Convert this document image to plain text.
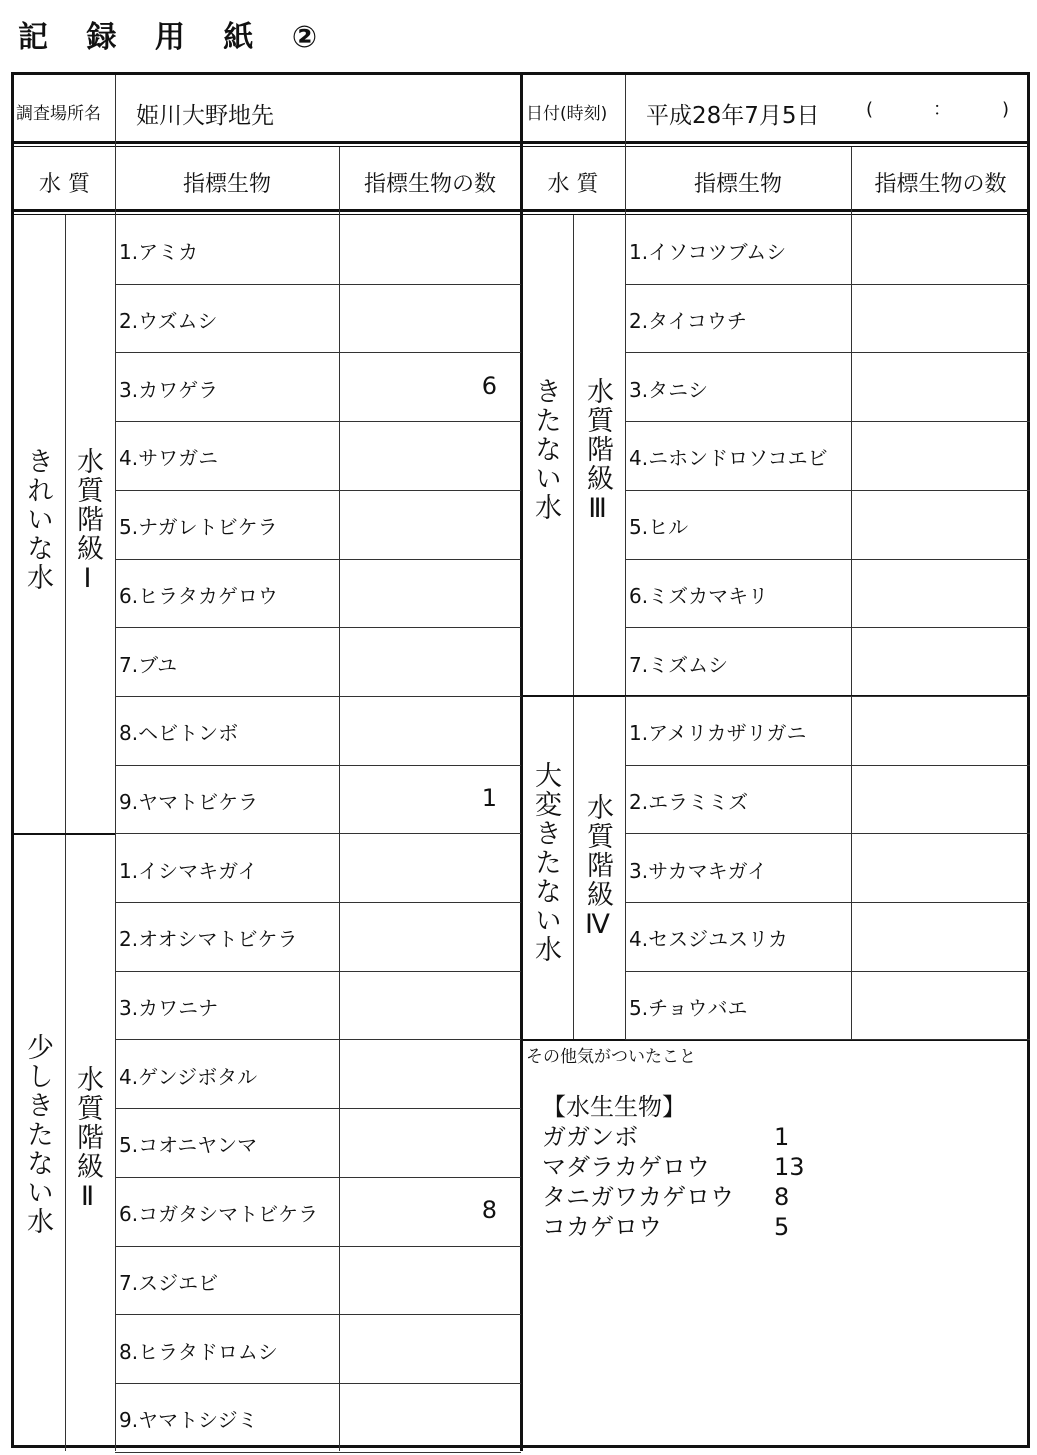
記 録 用 紙 ②
調査場所名 姫川大野地先	日付(時刻) 平成28年7月5日	(　　：　　)
水 質	指標生物	指標生物の数	水 質	指標生物	指標生物の数
きれいな水 水質階級Ⅰ
少しきたない水 水質階級Ⅱ
きたない水 水質階級Ⅲ
大変きたない水 水質階級Ⅳ
1.アミカ
2.ウズムシ
3.カワゲラ	6
4.サワガニ
5.ナガレトビケラ
6.ヒラタカゲロウ
7.ブユ
8.ヘビトンボ
9.ヤマトビケラ	1
1.イシマキガイ
2.オオシマトビケラ
3.カワニナ
4.ゲンジボタル
5.コオニヤンマ
6.コガタシマトビケラ	8
7.スジエビ
8.ヒラタドロムシ
9.ヤマトシジミ
1.イソコツブムシ
2.タイコウチ
3.タニシ
4.ニホンドロソコエビ
5.ヒル
6.ミズカマキリ
7.ミズムシ
1.アメリカザリガニ
2.エラミミズ
3.サカマキガイ
4.セスジユスリカ
5.チョウバエ
その他気がついたこと
【水生生物】
ガガンボ	1
マダラカゲロウ	13
タニガワカゲロウ	8
コカゲロウ	5
